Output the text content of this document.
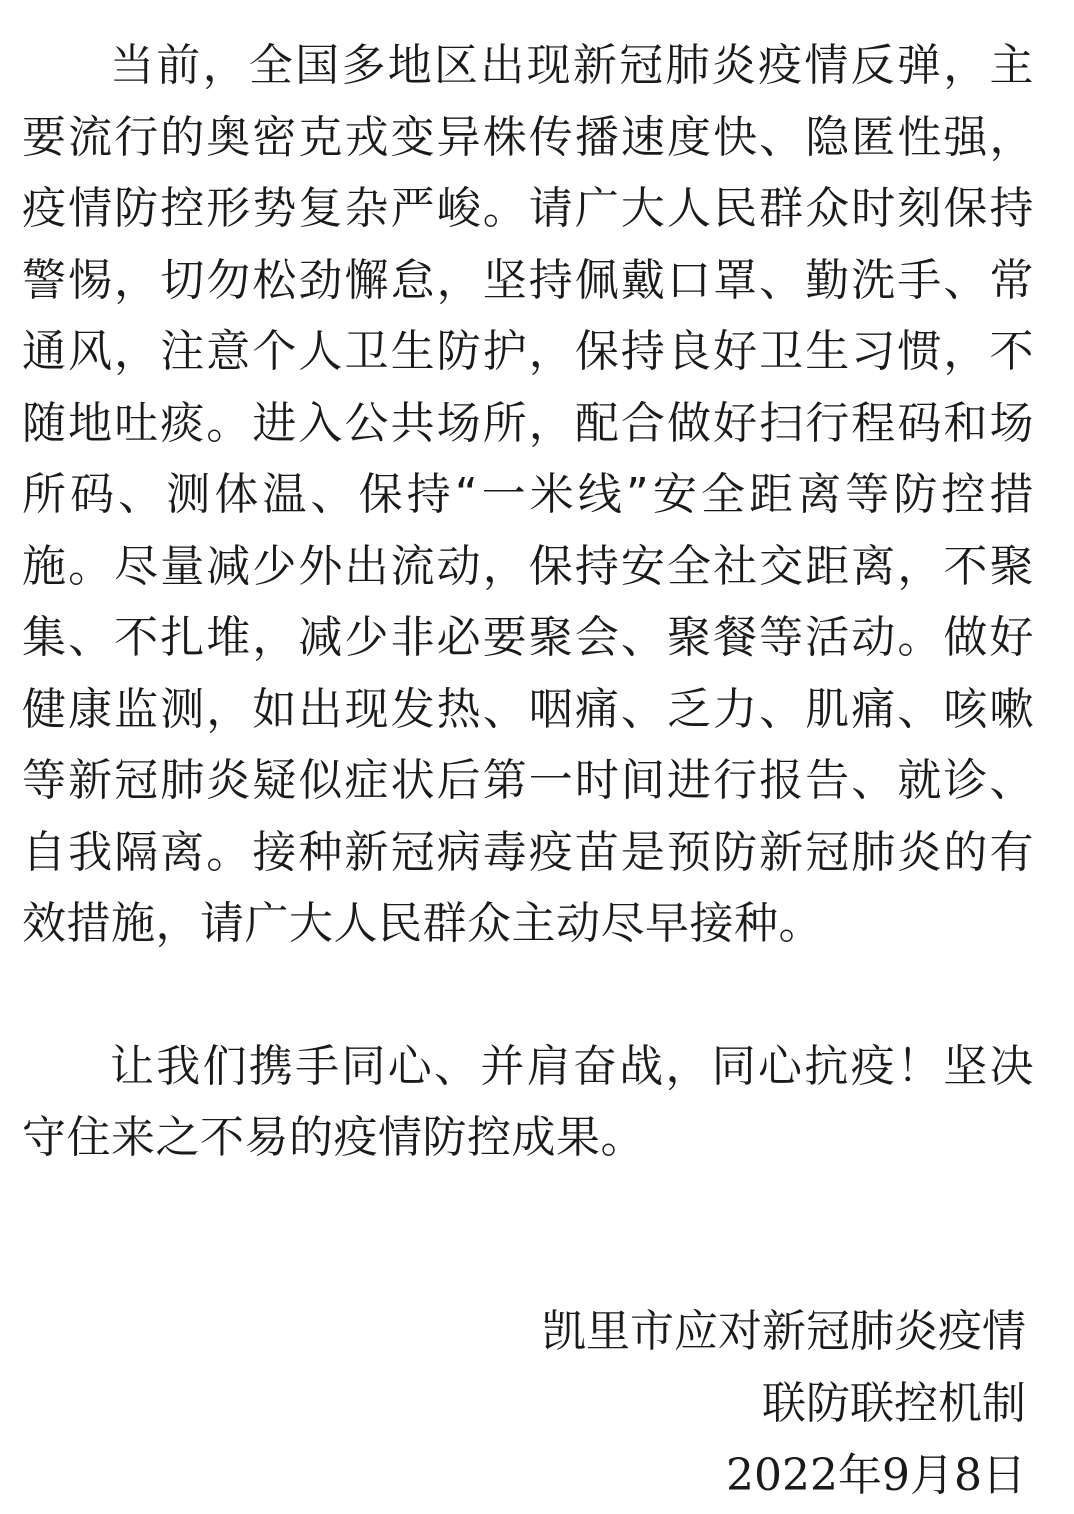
当前，全国多地区出现新冠肺炎疫情反弹，主要流行的奥密克戎变异株传播速度快、隐匿性强，疫情防控形势复杂严峻。请广大人民群众时刻保持警惕，切勿松劲懈怠，坚持佩戴口罩、勤洗手、常通风，注意个人卫生防护，保持良好卫生习惯，不随地吐痰。进入公共场所，配合做好扫行程码和场所码、测体温、保持“一米线”安全距离等防控措施。尽量减少外出流动，保持安全社交距离，不聚集、不扎堆，减少非必要聚会、聚餐等活动。做好健康监测，如出现发热、咽痛、乏力、肌痛、咳嗽等新冠肺炎疑似症状后第一时间进行报告、就诊、自我隔离。接种新冠病毒疫苗是预防新冠肺炎的有效措施，请广大人民群众主动尽早接种。

让我们携手同心、并肩奋战，同心抗疫！坚决守住来之不易的疫情防控成果。

凯里市应对新冠肺炎疫情
联防联控机制
2022年9月8日
